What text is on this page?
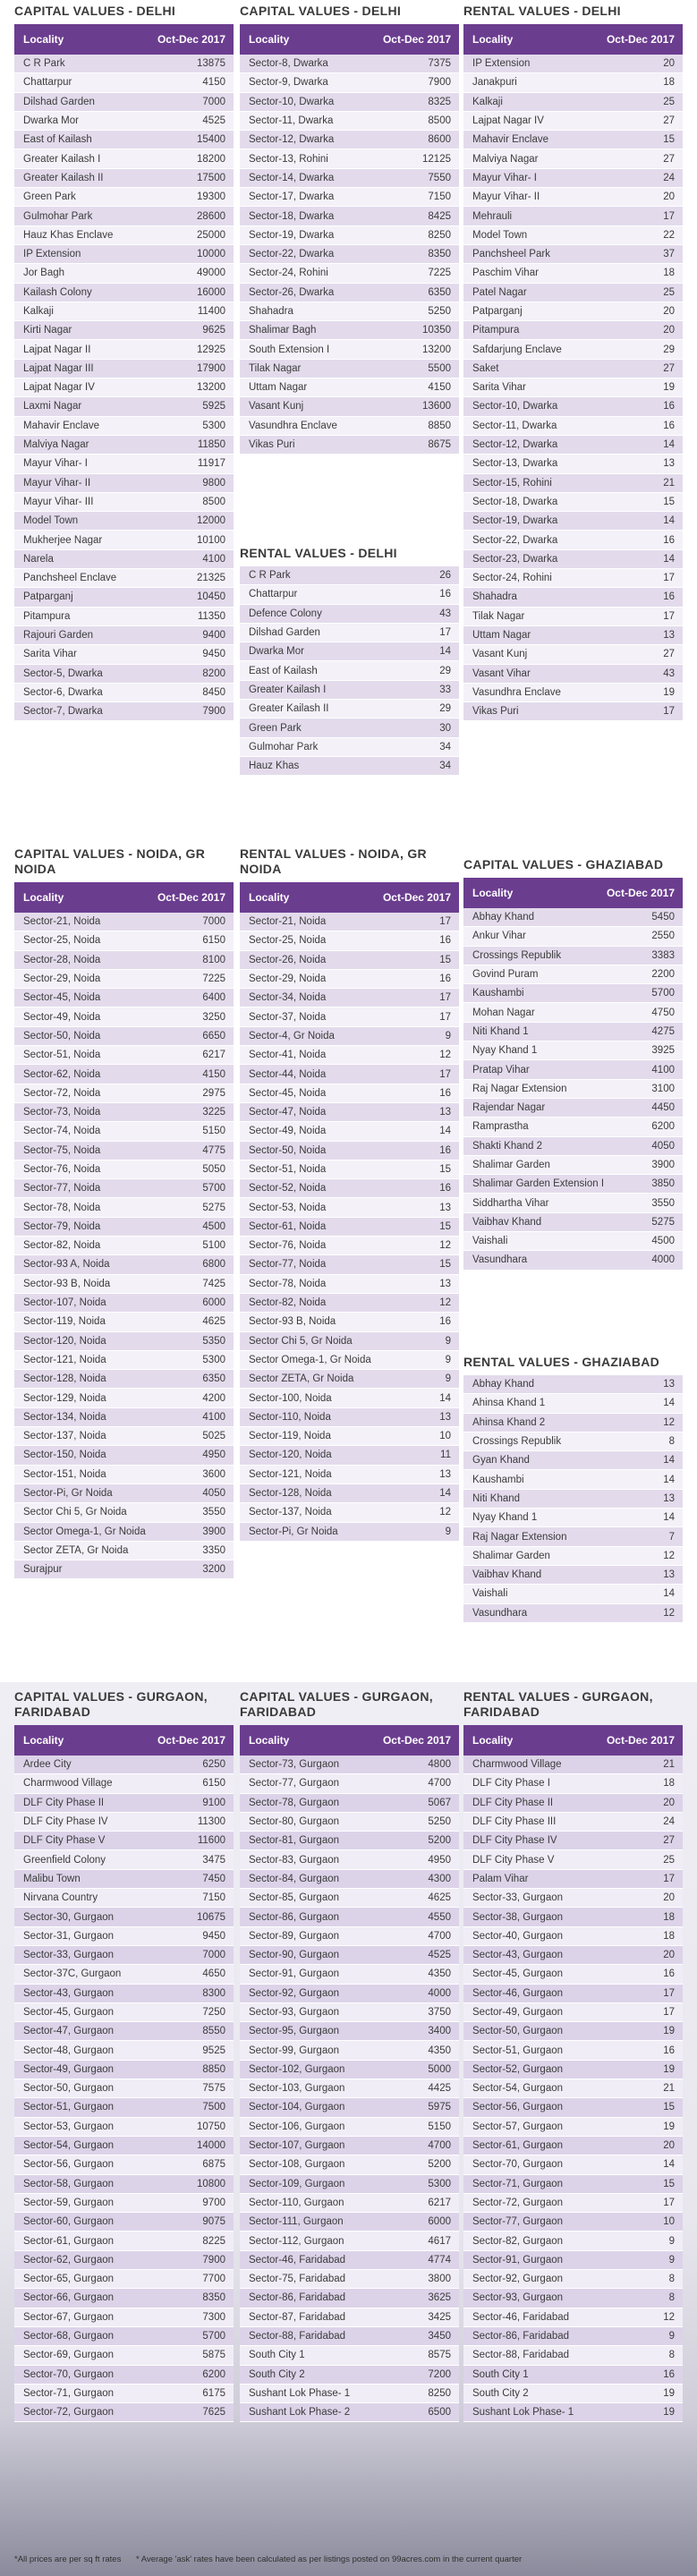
CAPITAL VALUES - DELHI
Locality	Oct-Dec 2017
C R Park	13875
Chattarpur	4150
Dilshad Garden	7000
Dwarka Mor	4525
East of Kailash	15400
Greater Kailash I	18200
Greater Kailash II	17500
Green Park	19300
Gulmohar Park	28600
Hauz Khas Enclave	25000
IP Extension	10000
Jor Bagh	49000
Kailash Colony	16000
Kalkaji	11400
Kirti Nagar	9625
Lajpat Nagar II	12925
Lajpat Nagar III	17900
Lajpat Nagar IV	13200
Laxmi Nagar	5925
Mahavir Enclave	5300
Malviya Nagar	11850
Mayur Vihar- I	11917
Mayur Vihar- II	9800
Mayur Vihar- III	8500
Model Town	12000
Mukherjee Nagar	10100
Narela	4100
Panchsheel Enclave	21325
Patparganj	10450
Pitampura	11350
Rajouri Garden	9400
Sarita Vihar	9450
Sector-5, Dwarka	8200
Sector-6, Dwarka	8450
Sector-7, Dwarka	7900
CAPITAL VALUES - DELHI
Locality	Oct-Dec 2017
Sector-8, Dwarka	7375
Sector-9, Dwarka	7900
Sector-10, Dwarka	8325
Sector-11, Dwarka	8500
Sector-12, Dwarka	8600
Sector-13, Rohini	12125
Sector-14, Dwarka	7550
Sector-17, Dwarka	7150
Sector-18, Dwarka	8425
Sector-19, Dwarka	8250
Sector-22, Dwarka	8350
Sector-24, Rohini	7225
Sector-26, Dwarka	6350
Shahadra	5250
Shalimar Bagh	10350
South Extension I	13200
Tilak Nagar	5500
Uttam Nagar	4150
Vasant Kunj	13600
Vasundhra Enclave	8850
Vikas Puri	8675
RENTAL VALUES - DELHI
C R Park	26
Chattarpur	16
Defence Colony	43
Dilshad Garden	17
Dwarka Mor	14
East of Kailash	29
Greater Kailash I	33
Greater Kailash II	29
Green Park	30
Gulmohar Park	34
Hauz Khas	34
RENTAL VALUES - DELHI
Locality	Oct-Dec 2017
IP Extension	20
Janakpuri	18
Kalkaji	25
Lajpat Nagar IV	27
Mahavir Enclave	15
Malviya Nagar	27
Mayur Vihar- I	24
Mayur Vihar- II	20
Mehrauli	17
Model Town	22
Panchsheel Park	37
Paschim Vihar	18
Patel Nagar	25
Patparganj	20
Pitampura	20
Safdarjung Enclave	29
Saket	27
Sarita Vihar	19
Sector-10, Dwarka	16
Sector-11, Dwarka	16
Sector-12, Dwarka	14
Sector-13, Dwarka	13
Sector-15, Rohini	21
Sector-18, Dwarka	15
Sector-19, Dwarka	14
Sector-22, Dwarka	16
Sector-23, Dwarka	14
Sector-24, Rohini	17
Shahadra	16
Tilak Nagar	17
Uttam Nagar	13
Vasant Kunj	27
Vasant Vihar	43
Vasundhra Enclave	19
Vikas Puri	17
CAPITAL VALUES - NOIDA, GR NOIDA
Locality	Oct-Dec 2017
Sector-21, Noida	7000
Sector-25, Noida	6150
Sector-28, Noida	8100
Sector-29, Noida	7225
Sector-45, Noida	6400
Sector-49, Noida	3250
Sector-50, Noida	6650
Sector-51, Noida	6217
Sector-62, Noida	4150
Sector-72, Noida	2975
Sector-73, Noida	3225
Sector-74, Noida	5150
Sector-75, Noida	4775
Sector-76, Noida	5050
Sector-77, Noida	5700
Sector-78, Noida	5275
Sector-79, Noida	4500
Sector-82, Noida	5100
Sector-93 A, Noida	6800
Sector-93 B, Noida	7425
Sector-107, Noida	6000
Sector-119, Noida	4625
Sector-120, Noida	5350
Sector-121, Noida	5300
Sector-128, Noida	6350
Sector-129, Noida	4200
Sector-134, Noida	4100
Sector-137, Noida	5025
Sector-150, Noida	4950
Sector-151, Noida	3600
Sector-Pi, Gr Noida	4050
Sector Chi 5, Gr Noida	3550
Sector Omega-1, Gr Noida	3900
Sector ZETA, Gr Noida	3350
Surajpur	3200
RENTAL VALUES - NOIDA, GR NOIDA
Locality	Oct-Dec 2017
Sector-21, Noida	17
Sector-25, Noida	16
Sector-26, Noida	15
Sector-29, Noida	16
Sector-34, Noida	17
Sector-37, Noida	17
Sector-4, Gr Noida	9
Sector-41, Noida	12
Sector-44, Noida	17
Sector-45, Noida	16
Sector-47, Noida	13
Sector-49, Noida	14
Sector-50, Noida	16
Sector-51, Noida	15
Sector-52, Noida	16
Sector-53, Noida	13
Sector-61, Noida	15
Sector-76, Noida	12
Sector-77, Noida	15
Sector-78, Noida	13
Sector-82, Noida	12
Sector-93 B, Noida	16
Sector Chi 5, Gr Noida	9
Sector Omega-1, Gr Noida	9
Sector ZETA, Gr Noida	9
Sector-100, Noida	14
Sector-110, Noida	13
Sector-119, Noida	10
Sector-120, Noida	11
Sector-121, Noida	13
Sector-128, Noida	14
Sector-137, Noida	12
Sector-Pi, Gr Noida	9
CAPITAL VALUES - GHAZIABAD
Locality	Oct-Dec 2017
Abhay Khand	5450
Ankur Vihar	2550
Crossings Republik	3383
Govind Puram	2200
Kaushambi	5700
Mohan Nagar	4750
Niti Khand 1	4275
Nyay Khand 1	3925
Pratap Vihar	4100
Raj Nagar Extension	3100
Rajendar Nagar	4450
Ramprastha	6200
Shakti Khand 2	4050
Shalimar Garden	3900
Shalimar Garden Extension I	3850
Siddhartha Vihar	3550
Vaibhav Khand	5275
Vaishali	4500
Vasundhara	4000
RENTAL VALUES - GHAZIABAD
Abhay Khand	13
Ahinsa Khand 1	14
Ahinsa Khand 2	12
Crossings Republik	8
Gyan Khand	14
Kaushambi	14
Niti Khand	13
Nyay Khand 1	14
Raj Nagar Extension	7
Shalimar Garden	12
Vaibhav Khand	13
Vaishali	14
Vasundhara	12
CAPITAL VALUES - GURGAON, FARIDABAD
Locality	Oct-Dec 2017
Ardee City	6250
Charmwood Village	6150
DLF City Phase II	9100
DLF City Phase IV	11300
DLF City Phase V	11600
Greenfield Colony	3475
Malibu Town	7450
Nirvana Country	7150
Sector-30, Gurgaon	10675
Sector-31, Gurgaon	9450
Sector-33, Gurgaon	7000
Sector-37C, Gurgaon	4650
Sector-43, Gurgaon	8300
Sector-45, Gurgaon	7250
Sector-47, Gurgaon	8550
Sector-48, Gurgaon	9525
Sector-49, Gurgaon	8850
Sector-50, Gurgaon	7575
Sector-51, Gurgaon	7500
Sector-53, Gurgaon	10750
Sector-54, Gurgaon	14000
Sector-56, Gurgaon	6875
Sector-58, Gurgaon	10800
Sector-59, Gurgaon	9700
Sector-60, Gurgaon	9075
Sector-61, Gurgaon	8225
Sector-62, Gurgaon	7900
Sector-65, Gurgaon	7700
Sector-66, Gurgaon	8350
Sector-67, Gurgaon	7300
Sector-68, Gurgaon	5700
Sector-69, Gurgaon	5875
Sector-70, Gurgaon	6200
Sector-71, Gurgaon	6175
Sector-72, Gurgaon	7625
CAPITAL VALUES - GURGAON, FARIDABAD
Locality	Oct-Dec 2017
Sector-73, Gurgaon	4800
Sector-77, Gurgaon	4700
Sector-78, Gurgaon	5067
Sector-80, Gurgaon	5250
Sector-81, Gurgaon	5200
Sector-83, Gurgaon	4950
Sector-84, Gurgaon	4300
Sector-85, Gurgaon	4625
Sector-86, Gurgaon	4550
Sector-89, Gurgaon	4700
Sector-90, Gurgaon	4525
Sector-91, Gurgaon	4350
Sector-92, Gurgaon	4000
Sector-93, Gurgaon	3750
Sector-95, Gurgaon	3400
Sector-99, Gurgaon	4350
Sector-102, Gurgaon	5000
Sector-103, Gurgaon	4425
Sector-104, Gurgaon	5975
Sector-106, Gurgaon	5150
Sector-107, Gurgaon	4700
Sector-108, Gurgaon	5200
Sector-109, Gurgaon	5300
Sector-110, Gurgaon	6217
Sector-111, Gurgaon	6000
Sector-112, Gurgaon	4617
Sector-46, Faridabad	4774
Sector-75, Faridabad	3800
Sector-86, Faridabad	3625
Sector-87, Faridabad	3425
Sector-88, Faridabad	3450
South City 1	8575
South City 2	7200
Sushant Lok Phase- 1	8250
Sushant Lok Phase- 2	6500
RENTAL VALUES - GURGAON, FARIDABAD
Locality	Oct-Dec 2017
Charmwood Village	21
DLF City Phase I	18
DLF City Phase II	20
DLF City Phase III	24
DLF City Phase IV	27
DLF City Phase V	25
Palam Vihar	17
Sector-33, Gurgaon	20
Sector-38, Gurgaon	18
Sector-40, Gurgaon	18
Sector-43, Gurgaon	20
Sector-45, Gurgaon	16
Sector-46, Gurgaon	17
Sector-49, Gurgaon	17
Sector-50, Gurgaon	19
Sector-51, Gurgaon	16
Sector-52, Gurgaon	19
Sector-54, Gurgaon	21
Sector-56, Gurgaon	15
Sector-57, Gurgaon	19
Sector-61, Gurgaon	20
Sector-70, Gurgaon	14
Sector-71, Gurgaon	15
Sector-72, Gurgaon	17
Sector-77, Gurgaon	10
Sector-82, Gurgaon	9
Sector-91, Gurgaon	9
Sector-92, Gurgaon	8
Sector-93, Gurgaon	8
Sector-46, Faridabad	12
Sector-86, Faridabad	9
Sector-88, Faridabad	8
South City 1	16
South City 2	19
Sushant Lok Phase- 1	19
*All prices are per sq ft rates * Average 'ask' rates have been calculated as per listings posted on 99acres.com in the current quarter
